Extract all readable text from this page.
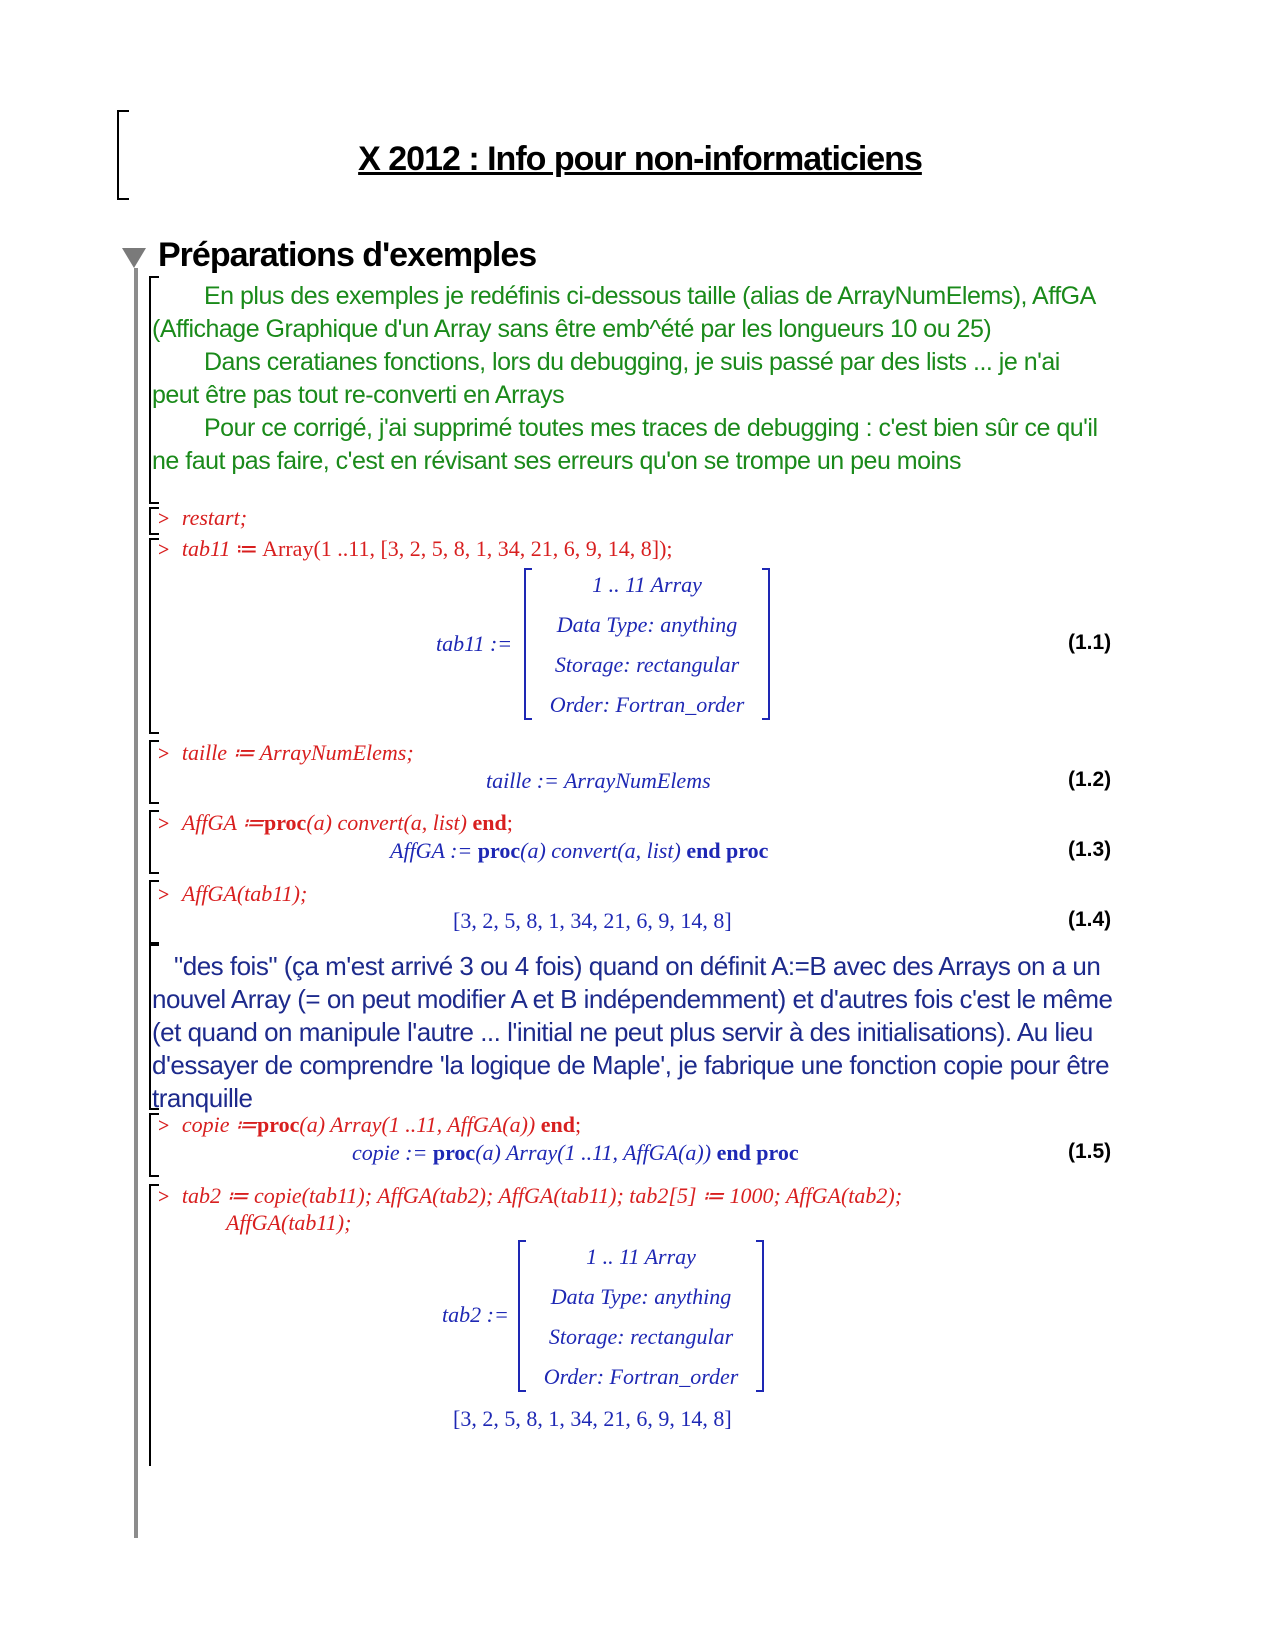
X 2012 : Info pour non-informaticiens
Préparations d'exemples
En plus des exemples je redéfinis ci-dessous taille (alias de ArrayNumElems), AffGA (Affichage Graphique d'un Array sans être emb^été par les longueurs 10 ou 25)
Dans ceratianes fonctions, lors du debugging, je suis passé par des lists ... je n'ai peut être pas tout re-converti en Arrays
Pour ce corrigé, j'ai supprimé toutes mes traces de debugging : c'est bien sûr ce qu'il ne faut pas faire, c'est en révisant ses erreurs qu'on se trompe un peu moins
> restart;
> tab11 ≔ Array(1 ..11, [3, 2, 5, 8, 1, 34, 21, 6, 9, 14, 8]);
tab11 :=
1 .. 11 Array
Data Type: anything
Storage: rectangular
Order: Fortran_order
(1.1)
> taille ≔ ArrayNumElems;
taille := ArrayNumElems	(1.2)
> AffGA ≔proc(a) convert(a, list) end;
AffGA := proc(a) convert(a, list) end proc	(1.3)
> AffGA(tab11);
[3, 2, 5, 8, 1, 34, 21, 6, 9, 14, 8]	(1.4)
"des fois" (ça m'est arrivé 3 ou 4 fois) quand on définit A:=B avec des Arrays on a un nouvel Array (= on peut modifier A et B indépendemment) et d'autres fois c'est le même (et quand on manipule l'autre ... l'initial ne peut plus servir à des initialisations). Au lieu d'essayer de comprendre 'la logique de Maple', je fabrique une fonction copie pour être tranquille
> copie ≔proc(a) Array(1 ..11, AffGA(a)) end;
copie := proc(a) Array(1 ..11, AffGA(a)) end proc	(1.5)
> tab2 ≔ copie(tab11); AffGA(tab2); AffGA(tab11); tab2[5] ≔ 1000; AffGA(tab2);
AffGA(tab11);
tab2 :=
1 .. 11 Array
Data Type: anything
Storage: rectangular
Order: Fortran_order
[3, 2, 5, 8, 1, 34, 21, 6, 9, 14, 8]
